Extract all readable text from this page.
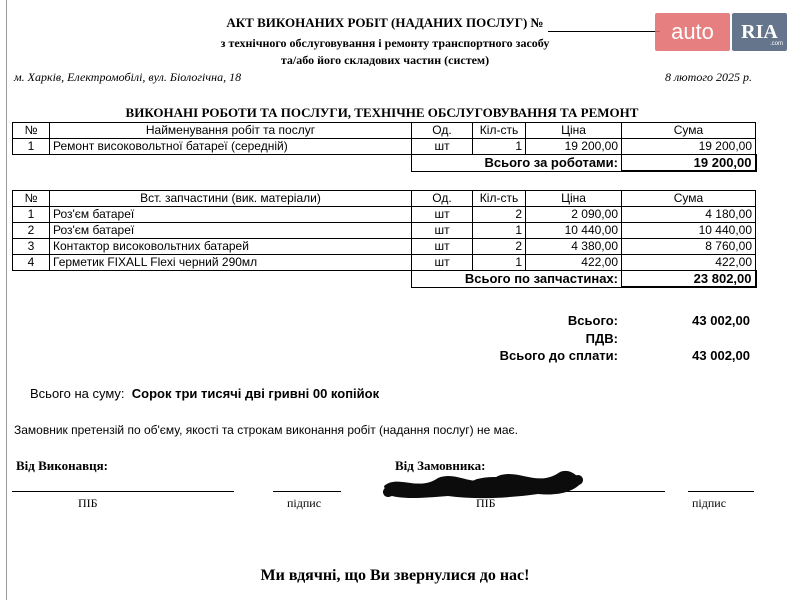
АКТ ВИКОНАНИХ РОБІТ (НАДАНИХ ПОСЛУГ) №
з технічного обслуговування і ремонту транспортного засобу
та/або його складових частин (систем)
м. Харків, Електромобілі, вул. Біологічна, 18	8 лютого 2025 р.
auto	RIA
.com
ВИКОНАНІ РОБОТИ ТА ПОСЛУГИ, ТЕХНІЧНЕ ОБСЛУГОВУВАННЯ ТА РЕМОНТ
№	Найменування робіт та послуг	Од.	Кіл-сть	Ціна	Сума
1	Ремонт високовольтної батареї (середній)	шт	1	19 200,00	19 200,00
		Всього за роботами:			19 200,00
№	Вст. запчастини (вик. матеріали)	Од.	Кіл-сть	Ціна	Сума
1	Роз'єм батареї	шт	2	2 090,00	4 180,00
2	Роз'єм батареї	шт	1	10 440,00	10 440,00
3	Контактор високовольтних батарей	шт	2	4 380,00	8 760,00
4	Герметик FIXALL Flexi черний 290мл	шт	1	422,00	422,00
		Всього по запчастинах:			23 802,00
Всього:	43 002,00
ПДВ:
Всього до сплати:	43 002,00
Всього на суму: Сорок три тисячі дві гривні 00 копійок
Замовник претензій по об'єму, якості та строкам виконання робіт (надання послуг) не має.
Від Виконавця:	Від Замовника:
ПІБ	підпис	ПІБ	підпис
Ми вдячні, що Ви звернулися до нас!
